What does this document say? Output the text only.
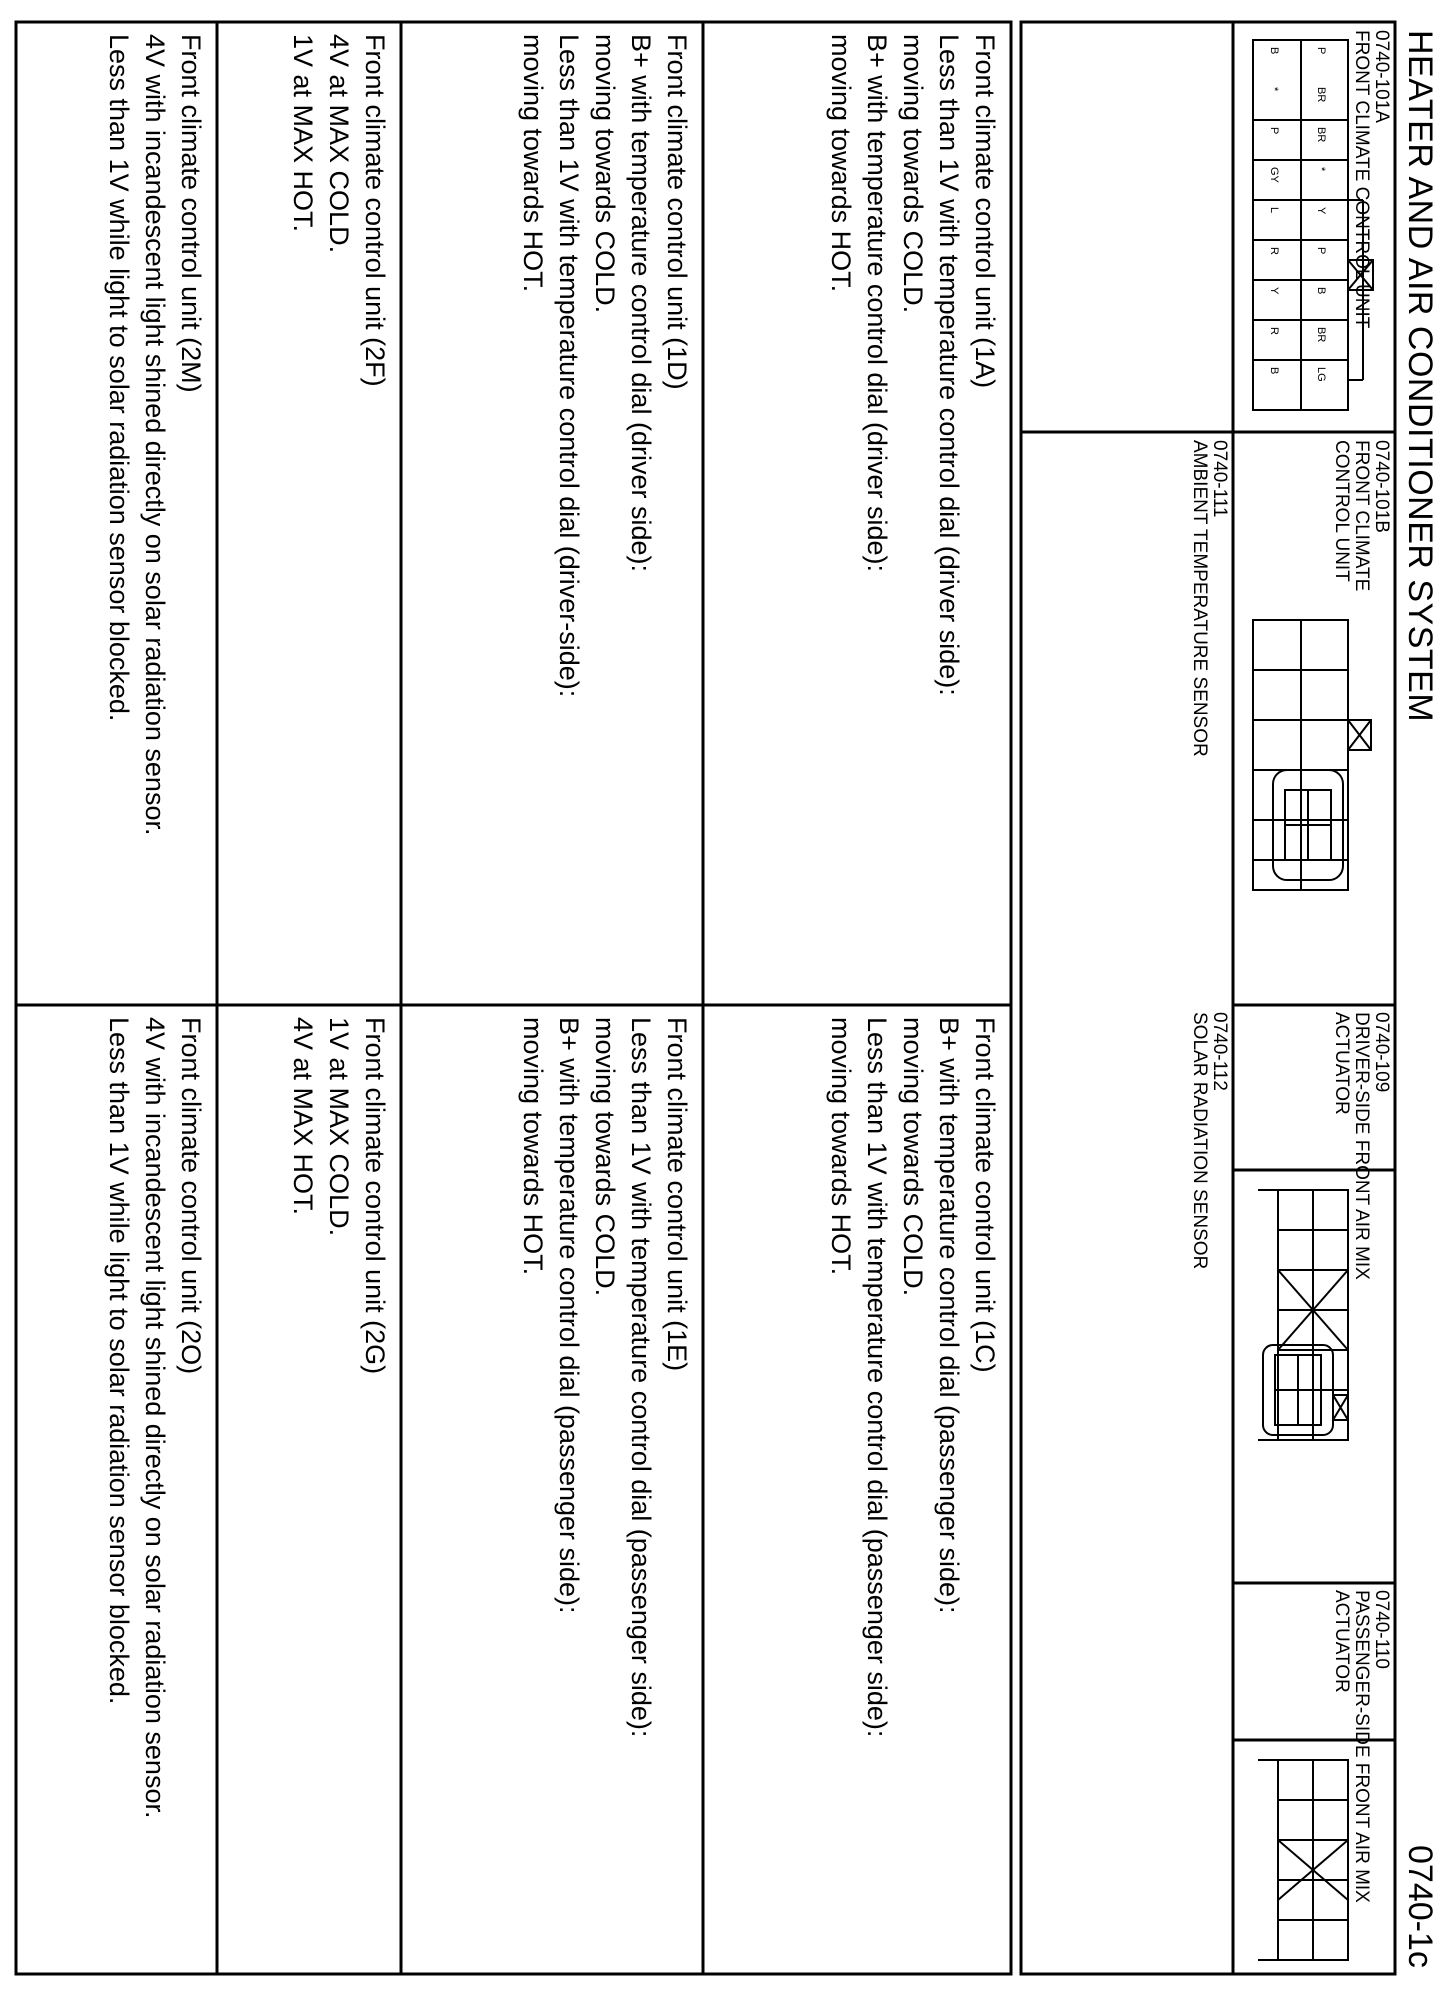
P
BR
BR
*
Y
P
B
BR
LG
B
*
P
GY
L
R
Y
R
B	HEATER AND AIR CONDITIONER SYSTEM
0740-1c
0740-101A
FRONT CLIMATE CONTROL UNIT
0740-101B
FRONT CLIMATE
CONTROL UNIT
0740-109
DRIVER-SIDE FRONT AIR MIX
ACTUATOR
0740-110
PASSENGER-SIDE FRONT AIR MIX
ACTUATOR
0740-111
AMBIENT TEMPERATURE SENSOR
0740-112
SOLAR RADIATION SENSOR
Front climate control unit (1A)
Less than 1V with temperature control dial (driver side):
moving towards COLD.
B+ with temperature control dial (driver side):
moving towards HOT.
Front climate control unit (1C)
B+ with temperature control dial (passenger side):
moving towards COLD.
Less than 1V with temperature control dial (passenger side):
moving towards HOT.
Front climate control unit (1D)
B+ with temperature control dial (driver side):
moving towards COLD.
Less than 1V with temperature control dial (driver-side):
moving towards HOT.
Front climate control unit (1E)
Less than 1V with temperature control dial (passenger side):
moving towards COLD.
B+ with temperature control dial (passenger side):
moving towards HOT.
Front climate control unit (2F)
4V at MAX COLD.
1V at MAX HOT.
Front climate control unit (2G)
1V at MAX COLD.
4V at MAX HOT.
Front climate control unit (2M)
4V with incandescent light shined directly on solar radiation sensor.
Less than 1V while light to solar radiation sensor blocked.
Front climate control unit (2O)
4V with incandescent light shined directly on solar radiation sensor.
Less than 1V while light to solar radiation sensor blocked.
